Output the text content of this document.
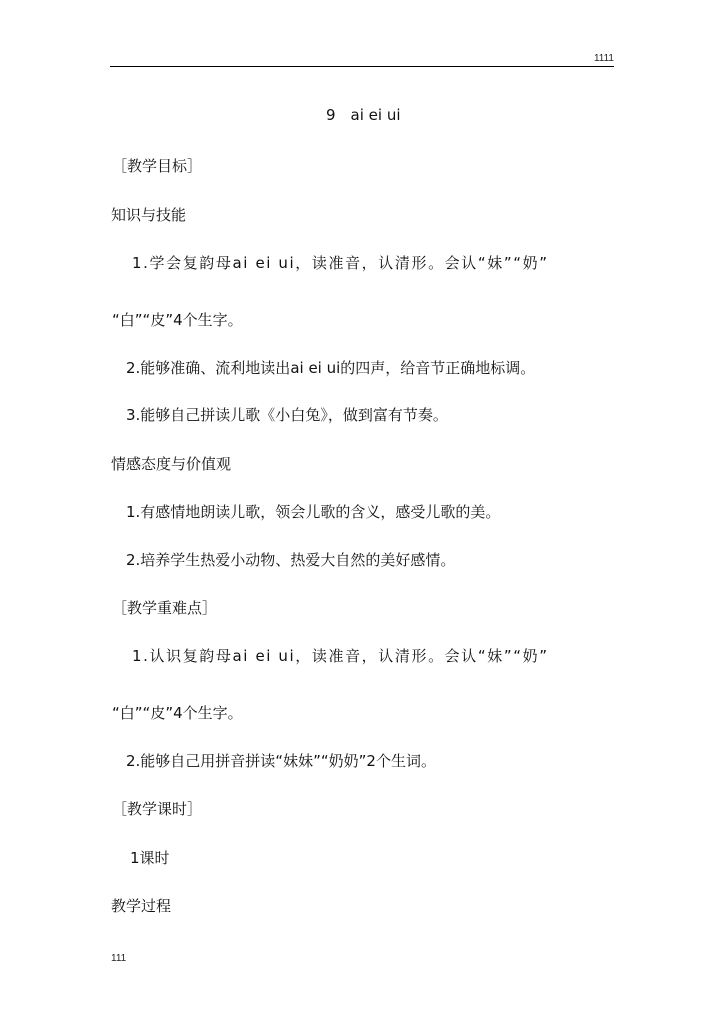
1111
9　ai ei ui
［教学目标］
知识与技能
1.学会复韵母ai ei ui，读准音，认清形。会认“妹”“奶”
“白”“皮”4个生字。
2.能够准确、流利地读出ai ei ui的四声，给音节正确地标调。
3.能够自己拼读儿歌《小白兔》，做到富有节奏。
情感态度与价值观
1.有感情地朗读儿歌，领会儿歌的含义，感受儿歌的美。
2.培养学生热爱小动物、热爱大自然的美好感情。
［教学重难点］
1.认识复韵母ai ei ui，读准音，认清形。会认“妹”“奶”
“白”“皮”4个生字。
2.能够自己用拼音拼读“妹妹”“奶奶”2个生词。
［教学课时］
1课时
教学过程
111
